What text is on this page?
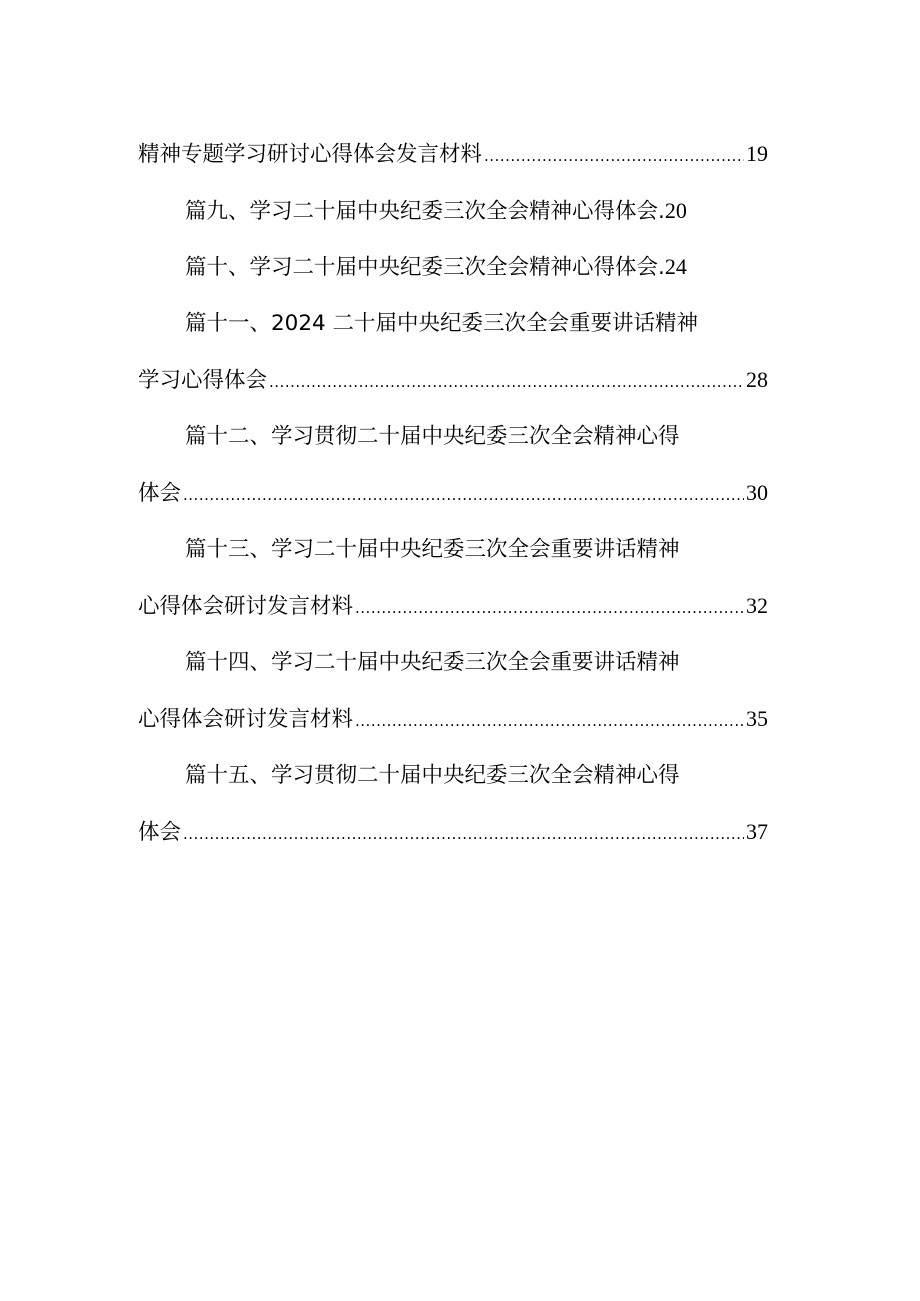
精神专题学习研讨心得体会发言材料 .....	19
篇九、学习二十届中央纪委三次全会精神心得体会. 20
篇十、学习二十届中央纪委三次全会精神心得体会. 24
篇十一、2024 二十届中央纪委三次全会重要讲话精神
学习心得体会 .....	28
篇十二、学习贯彻二十届中央纪委三次全会精神心得
体会 .....	30
篇十三、学习二十届中央纪委三次全会重要讲话精神
心得体会研讨发言材料 .....	32
篇十四、学习二十届中央纪委三次全会重要讲话精神
心得体会研讨发言材料 .....	35
篇十五、学习贯彻二十届中央纪委三次全会精神心得
体会 .....	37
